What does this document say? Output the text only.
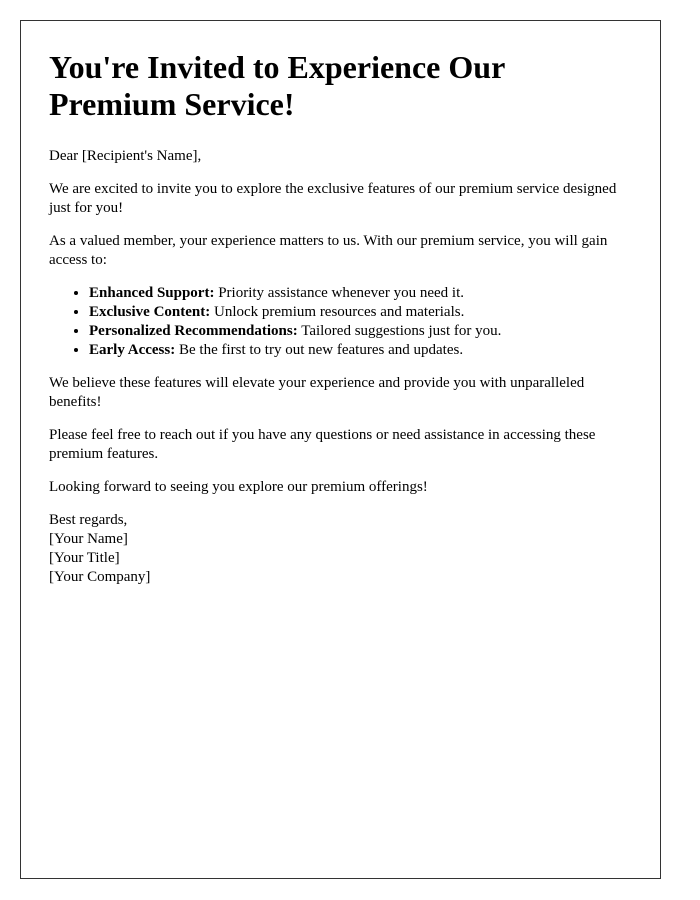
You're Invited to Experience Our Premium Service!

Dear [Recipient's Name],

We are excited to invite you to explore the exclusive features of our premium service designed just for you!

As a valued member, your experience matters to us. With our premium service, you will gain access to:

• Enhanced Support: Priority assistance whenever you need it.
• Exclusive Content: Unlock premium resources and materials.
• Personalized Recommendations: Tailored suggestions just for you.
• Early Access: Be the first to try out new features and updates.

We believe these features will elevate your experience and provide you with unparalleled benefits!

Please feel free to reach out if you have any questions or need assistance in accessing these premium features.

Looking forward to seeing you explore our premium offerings!

Best regards,
[Your Name]
[Your Title]
[Your Company]
